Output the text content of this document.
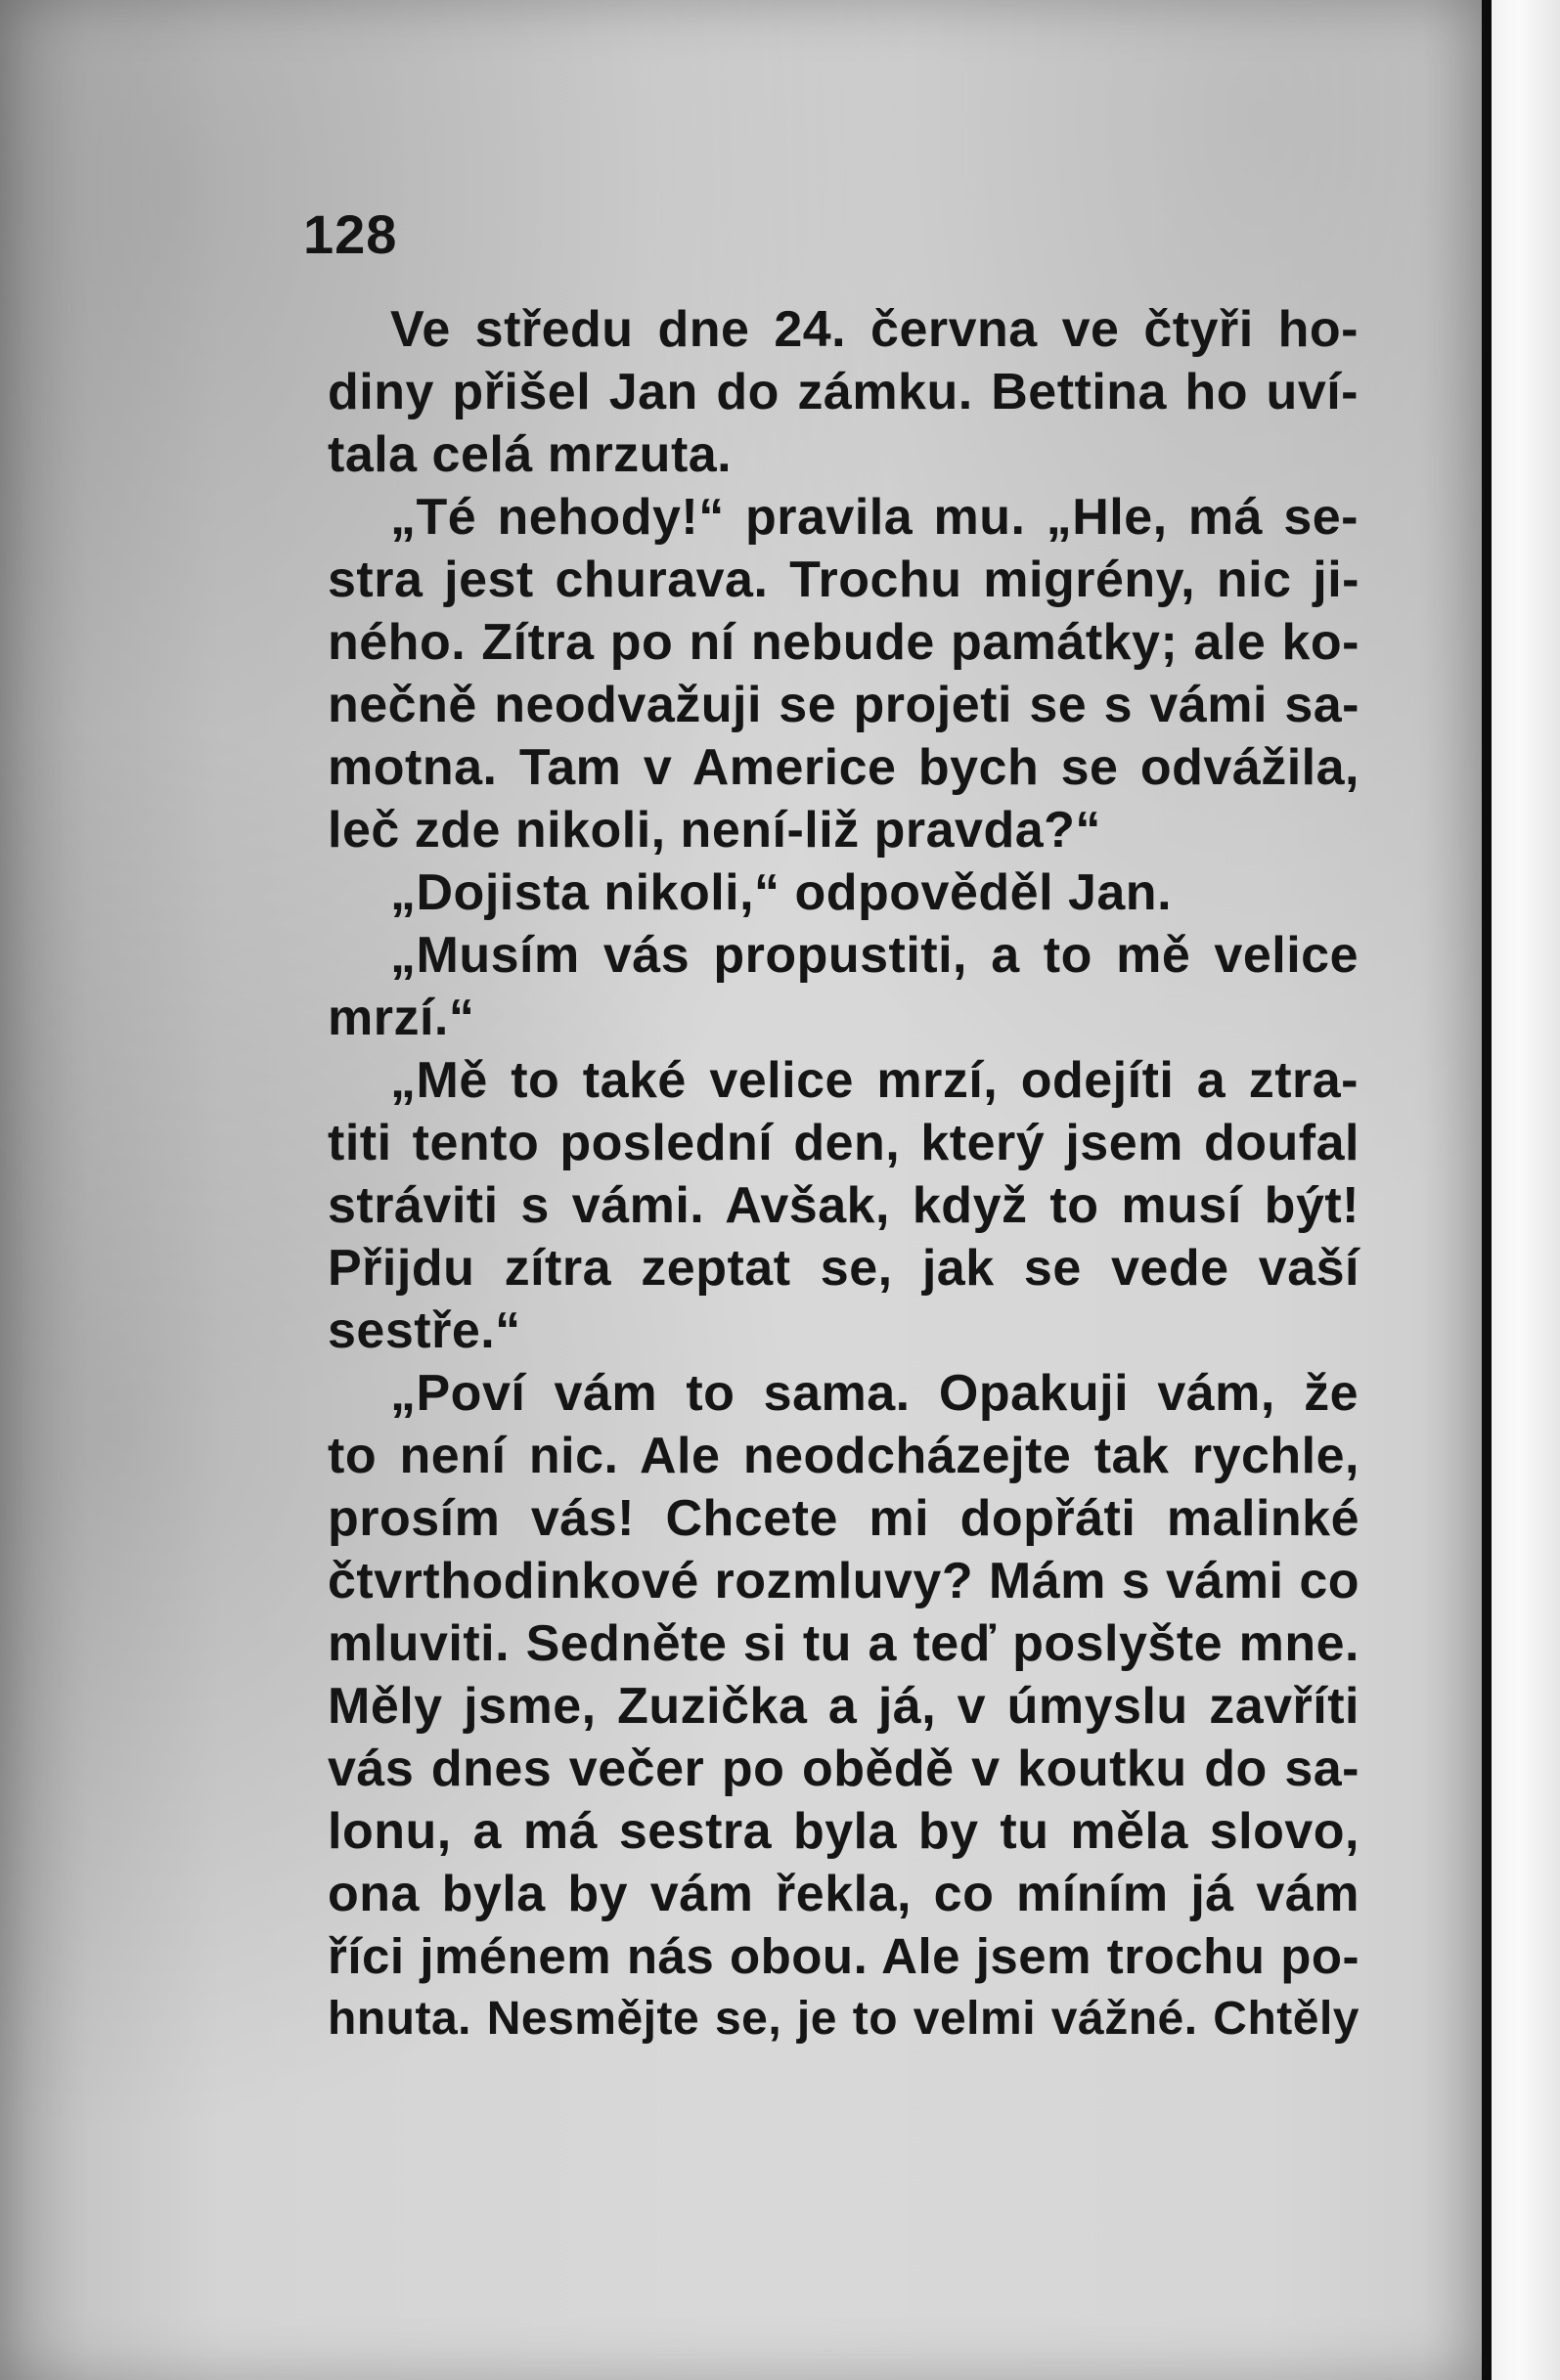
128
Ve středu dne 24. června ve čtyři ho-
diny přišel Jan do zámku. Bettina ho uví-
tala celá mrzuta.
„Té nehody!“ pravila mu. „Hle, má se-
stra jest churava. Trochu migrény, nic ji-
ného. Zítra po ní nebude památky; ale ko-
nečně neodvažuji se projeti se s vámi sa-
motna. Tam v Americe bych se odvážila,
leč zde nikoli, není-liž pravda?“
„Dojista nikoli,“ odpověděl Jan.
„Musím vás propustiti, a to mě velice
mrzí.“
„Mě to také velice mrzí, odejíti a ztra-
titi tento poslední den, který jsem doufal
stráviti s vámi. Avšak, když to musí být!
Přijdu zítra zeptat se, jak se vede vaší
sestře.“
„Poví vám to sama. Opakuji vám, že
to není nic. Ale neodcházejte tak rychle,
prosím vás! Chcete mi dopřáti malinké
čtvrthodinkové rozmluvy? Mám s vámi co
mluviti. Sedněte si tu a teď poslyšte mne.
Měly jsme, Zuzička a já, v úmyslu zavříti
vás dnes večer po obědě v koutku do sa-
lonu, a má sestra byla by tu měla slovo,
ona byla by vám řekla, co míním já vám
říci jménem nás obou. Ale jsem trochu po-
hnuta. Nesmějte se, je to velmi vážné. Chtěly
